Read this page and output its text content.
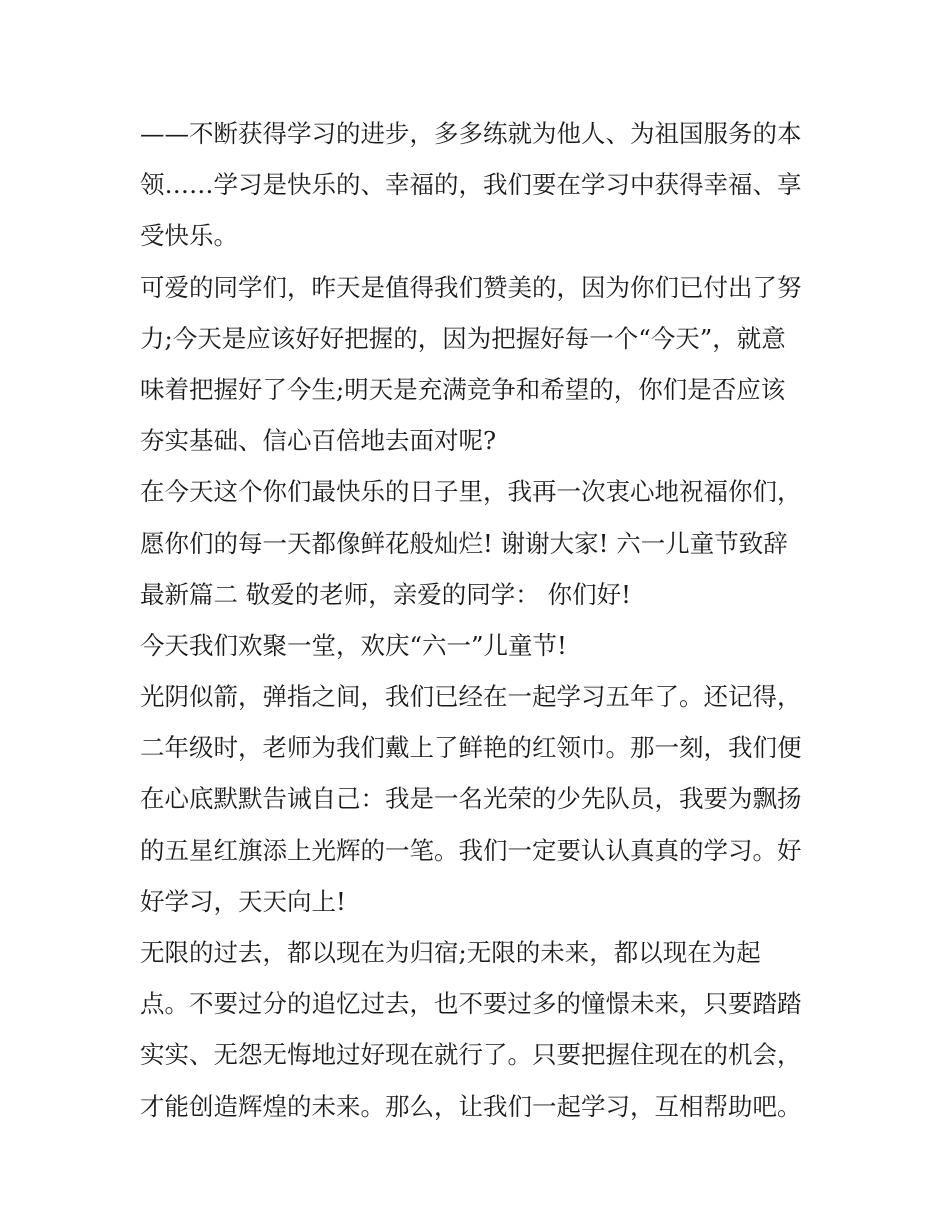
——不断获得学习的进步，多多练就为他人、为祖国服务的本
领……学习是快乐的、幸福的，我们要在学习中获得幸福、享
受快乐。
可爱的同学们，昨天是值得我们赞美的，因为你们已付出了努
力;今天是应该好好把握的，因为把握好每一个“今天”，就意
味着把握好了今生;明天是充满竞争和希望的，你们是否应该
夯实基础、信心百倍地去面对呢?
在今天这个你们最快乐的日子里，我再一次衷心地祝福你们，
愿你们的每一天都像鲜花般灿烂! 谢谢大家! 六一儿童节致辞
最新篇二 敬爱的老师，亲爱的同学： 你们好!
今天我们欢聚一堂，欢庆“六一”儿童节!
光阴似箭，弹指之间，我们已经在一起学习五年了。还记得，
二年级时，老师为我们戴上了鲜艳的红领巾。那一刻，我们便
在心底默默告诫自己：我是一名光荣的少先队员，我要为飘扬
的五星红旗添上光辉的一笔。我们一定要认认真真的学习。好
好学习，天天向上!
无限的过去，都以现在为归宿;无限的未来，都以现在为起
点。不要过分的追忆过去，也不要过多的憧憬未来，只要踏踏
实实、无怨无悔地过好现在就行了。只要把握住现在的机会，
才能创造辉煌的未来。那么，让我们一起学习，互相帮助吧。
